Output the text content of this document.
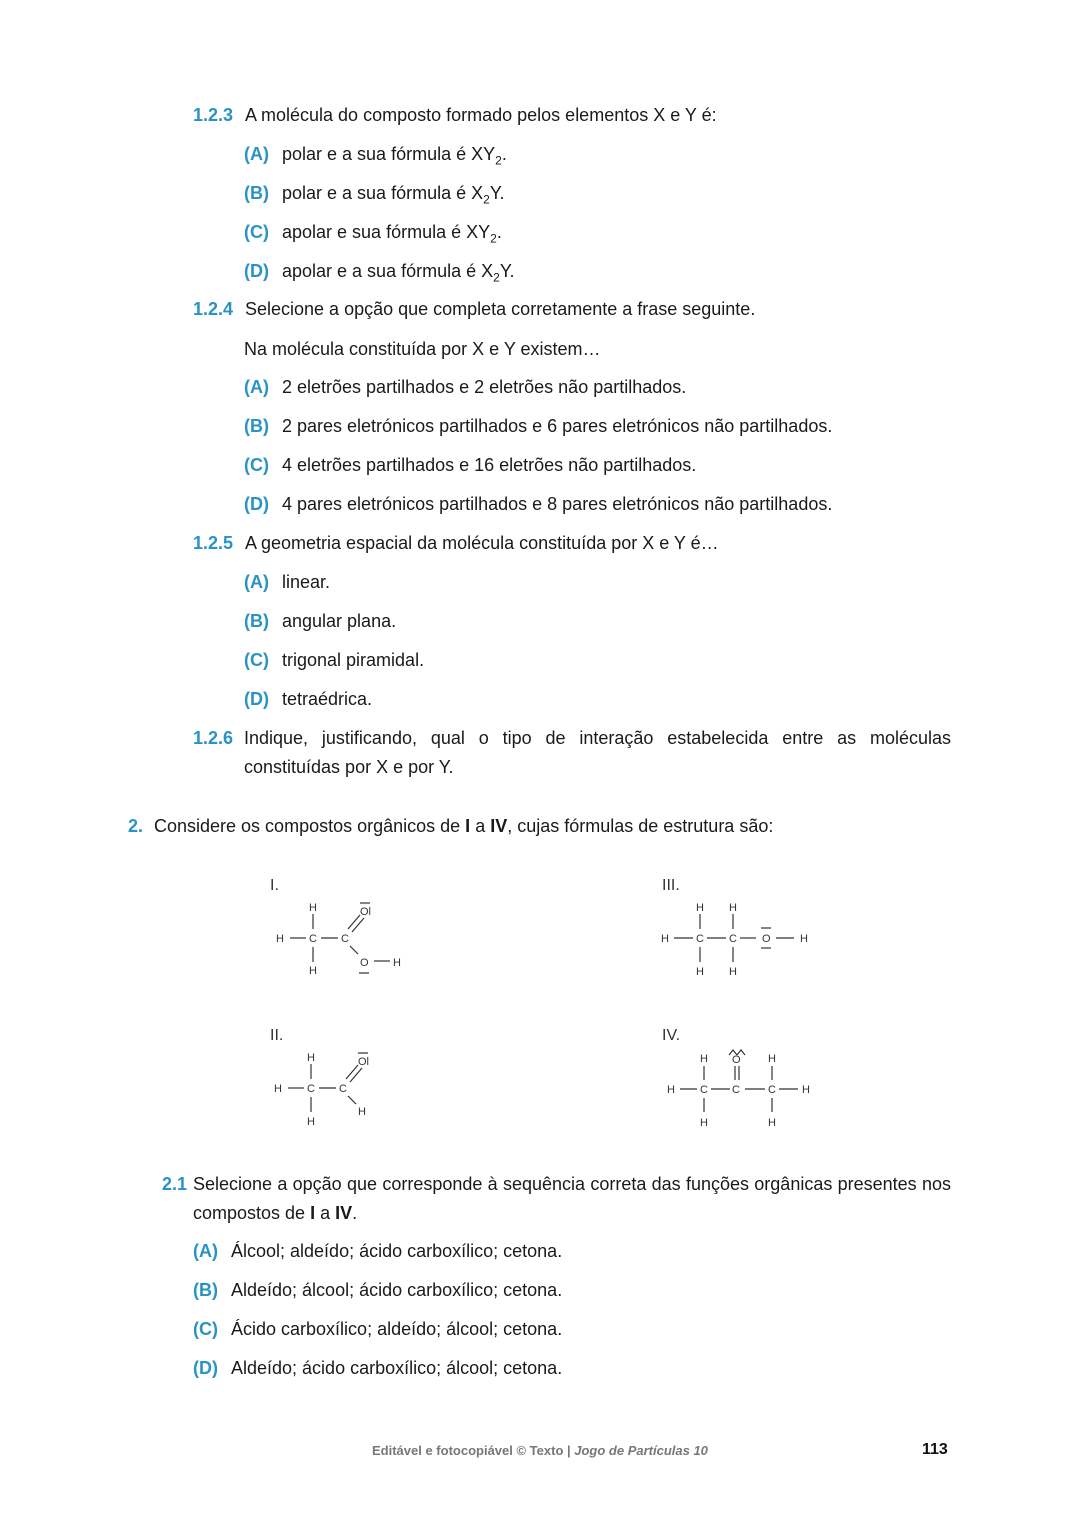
1.2.3 A molécula do composto formado pelos elementos X e Y é:
(A) polar e a sua fórmula é $XY_2$.
(B) polar e a sua fórmula é $X_2Y$.
(C) apolar e sua fórmula é $XY_2$.
(D) apolar e a sua fórmula é $X_2Y$.
1.2.4 Selecione a opção que completa corretamente a frase seguinte.
Na molécula constituída por X e Y existem…
(A) 2 eletrões partilhados e 2 eletrões não partilhados.
(B) 2 pares eletrónicos partilhados e 6 pares eletrónicos não partilhados.
(C) 4 eletrões partilhados e 16 eletrões não partilhados.
(D) 4 pares eletrónicos partilhados e 8 pares eletrónicos não partilhados.
1.2.5 A geometria espacial da molécula constituída por X e Y é…
(A) linear.
(B) angular plana.
(C) trigonal piramidal.
(D) tetraédrica.
1.2.6 Indique, justificando, qual o tipo de interação estabelecida entre as moléculas
constituídas por X e por Y.
2. Considere os compostos orgânicos de I a IV, cujas fórmulas de estrutura são:
I.
H
H C C
H
Ol
O H
III.
H H
H C C O	H
H H
II.
H
H C C
H
Ol
H
IV.
H O H
H C C	C H
H	H
2.1 Selecione a opção que corresponde à sequência correta das funções orgânicas presentes nos
compostos de I a IV.
(A) Álcool; aldeído; ácido carboxílico; cetona.
(B) Aldeído; álcool; ácido carboxílico; cetona.
(C) Ácido carboxílico; aldeído; álcool; cetona.
(D) Aldeído; ácido carboxílico; álcool; cetona.
Editável e fotocopiável © Texto | Jogo de Partículas 10	113
